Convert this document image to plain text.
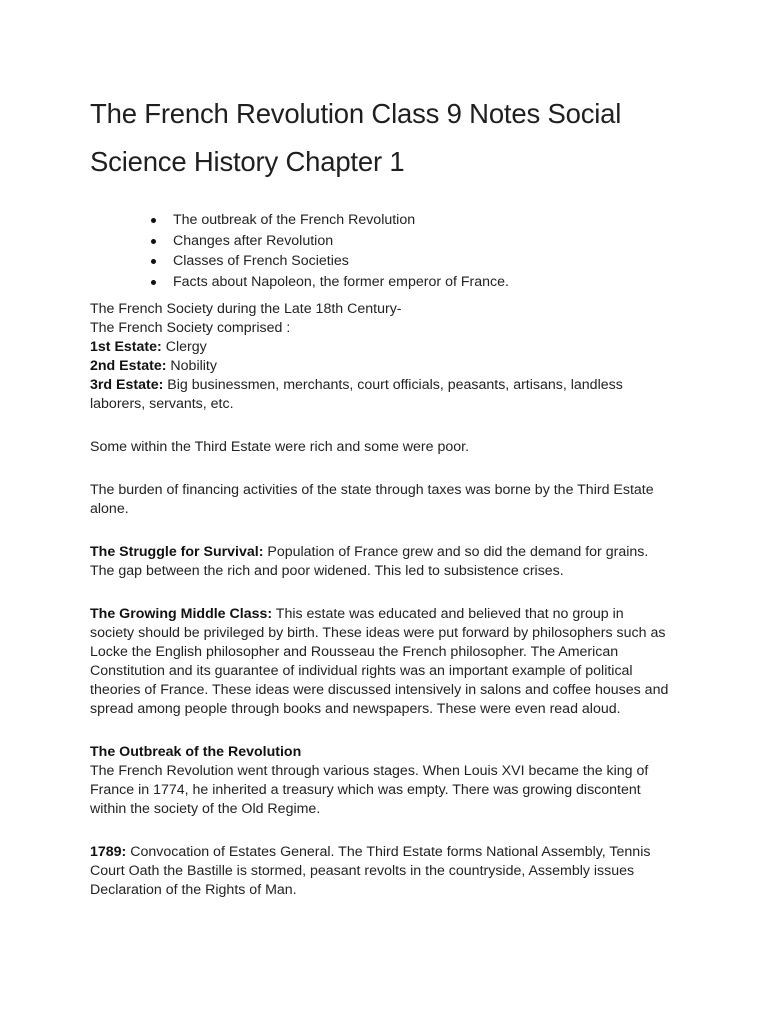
The French Revolution Class 9 Notes Social Science History Chapter 1
The outbreak of the French Revolution
Changes after Revolution
Classes of French Societies
Facts about Napoleon, the former emperor of France.

The French Society during the Late 18th Century-

The French Society comprised :

1st Estate: Clergy

2nd Estate: Nobility

3rd Estate: Big businessmen, merchants, court officials, peasants, artisans, landless laborers, servants, etc.

Some within the Third Estate were rich and some were poor.

The burden of financing activities of the state through taxes was borne by the Third Estate alone.

The Struggle for Survival: Population of France grew and so did the demand for grains. The gap between the rich and poor widened. This led to subsistence crises.

The Growing Middle Class: This estate was educated and believed that no group in society should be privileged by birth. These ideas were put forward by philosophers such as Locke the English philosopher and Rousseau the French philosopher. The American Constitution and its guarantee of individual rights was an important example of political theories of France. These ideas were discussed intensively in salons and coffee houses and spread among people through books and newspapers. These were even read aloud.

The Outbreak of the Revolution

The French Revolution went through various stages. When Louis XVI became the king of France in 1774, he inherited a treasury which was empty. There was growing discontent within the society of the Old Regime.

1789: Convocation of Estates General. The Third Estate forms National Assembly, Tennis Court Oath the Bastille is stormed, peasant revolts in the countryside, Assembly issues Declaration of the Rights of Man.
